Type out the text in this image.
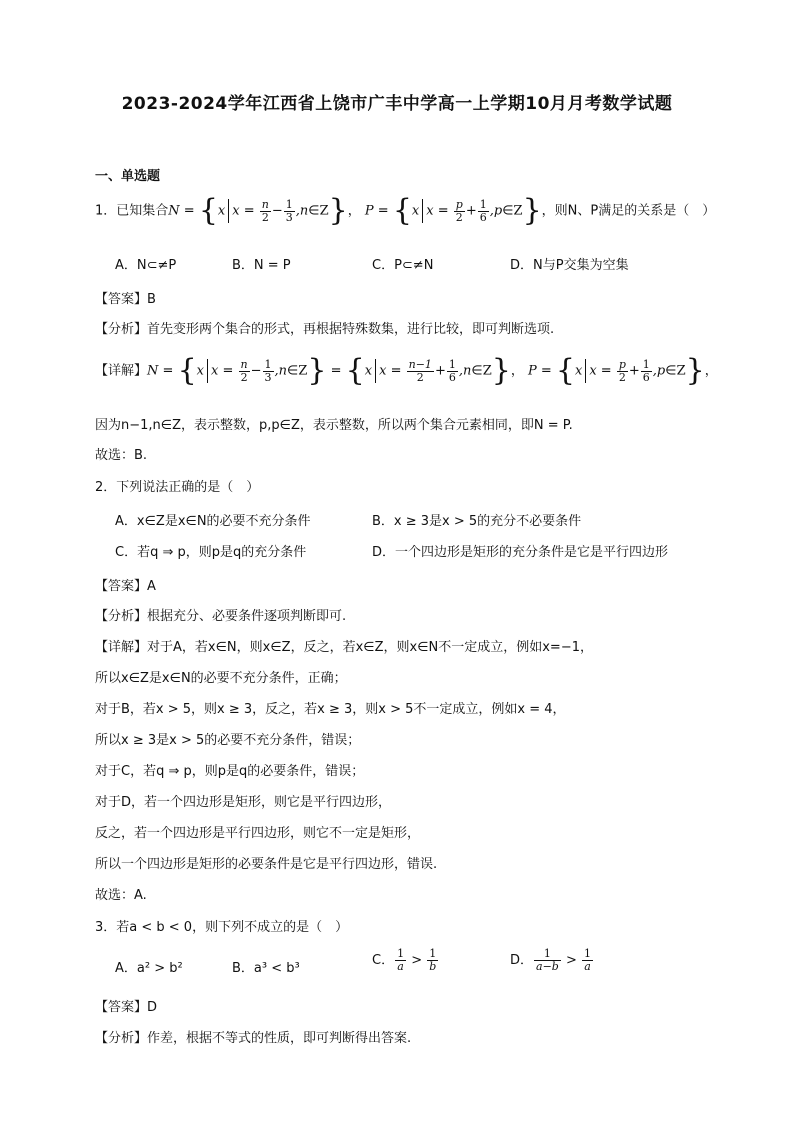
2023-2024学年江西省上饶市广丰中学高一上学期10月月考数学试题
一、单选题
1．已知集合N = {x $x = \frac{n}{2} - \frac{1}{3}$ ,n∈Z}， P = {x $x = \frac{p}{2} + \frac{1}{6}$ ,p∈Z}，则N、P满足的关系是（　）
A．N⊂≠P	B．N = P	C．P⊂≠N	D．N与P交集为空集
【答案】B
【分析】首先变形两个集合的形式，再根据特殊数集，进行比较，即可判断选项.
【详解】N = {x $x = \frac{n}{2} - \frac{1}{3}$ ,n∈Z} = {x $x = \frac{n-1}{2} + \frac{1}{6}$ ,n∈Z}， P = {x $x = \frac{p}{2} + \frac{1}{6}$ ,p∈Z}，
因为n−1,n∈Z，表示整数，p,p∈Z，表示整数，所以两个集合元素相同，即N = P.
故选：B.
2．下列说法正确的是（　）
A．x∈Z是x∈N的必要不充分条件	B．x ≥ 3是x > 5的充分不必要条件
C．若q ⇒ p，则p是q的充分条件	D．一个四边形是矩形的充分条件是它是平行四边形
【答案】A
【分析】根据充分、必要条件逐项判断即可.
【详解】对于A，若x∈N，则x∈Z，反之，若x∈Z，则x∈N不一定成立，例如x=−1，
所以x∈Z是x∈N的必要不充分条件，正确；
对于B，若x > 5，则x ≥ 3，反之，若x ≥ 3，则x > 5不一定成立，例如x = 4，
所以x ≥ 3是x > 5的必要不充分条件，错误；
对于C，若q ⇒ p，则p是q的必要条件，错误；
对于D，若一个四边形是矩形，则它是平行四边形，
反之，若一个四边形是平行四边形，则它不一定是矩形，
所以一个四边形是矩形的必要条件是它是平行四边形，错误.
故选：A.
3．若a < b < 0，则下列不成立的是（　）
A．a² > b²	B．a³ < b³
C． $\frac{1}{a} > \frac{1}{b}$	D． $\frac{1}{a-b} > \frac{1}{a}$
【答案】D
【分析】作差，根据不等式的性质，即可判断得出答案.
